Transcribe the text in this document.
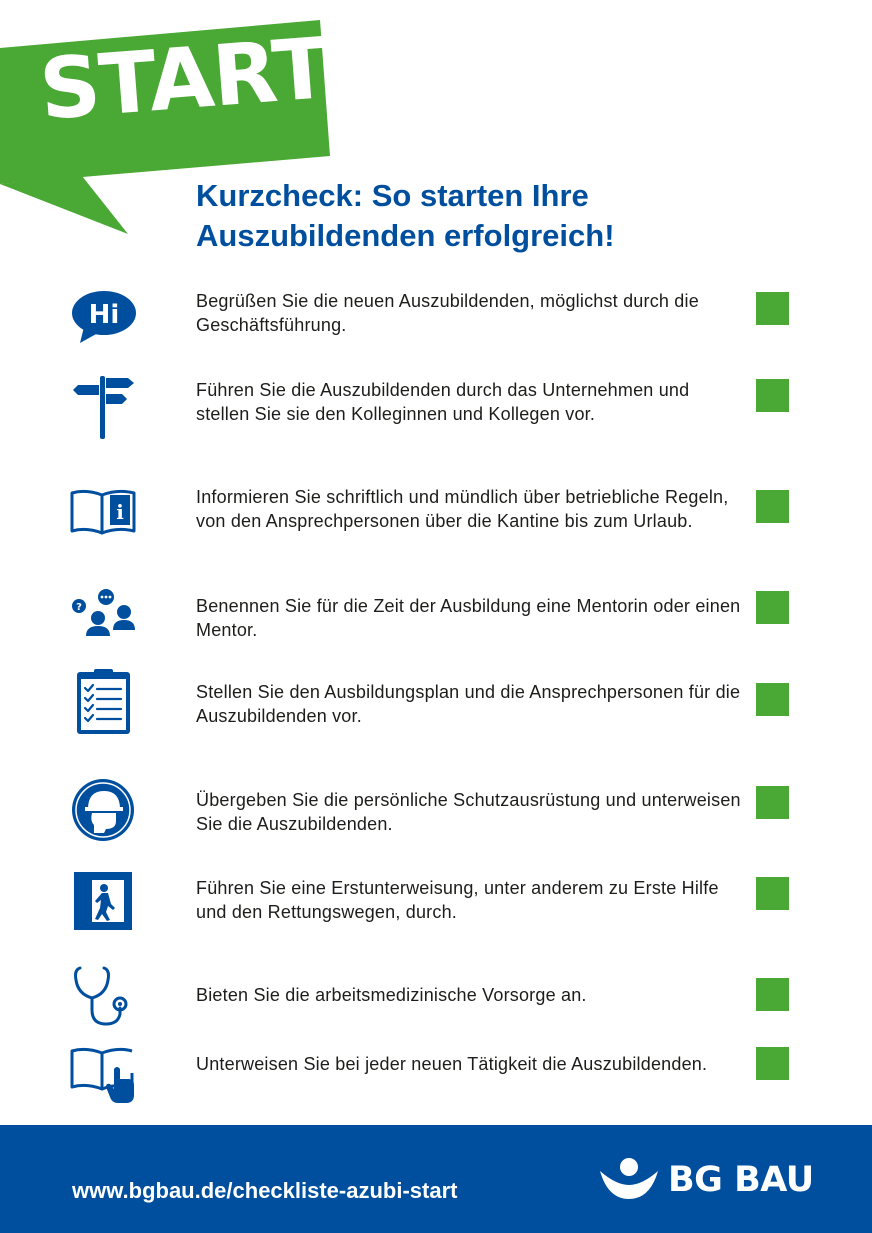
START
Kurzcheck: So starten Ihre
Auszubildenden erfolgreich!
Hi	Begrüßen Sie die neuen Auszubildenden, möglichst durch die Geschäftsführung.
Führen Sie die Auszubildenden durch das Unternehmen und stellen Sie sie den Kolleginnen und Kollegen vor.
i
Informieren Sie schriftlich und mündlich über betriebliche Regeln, von den Ansprechpersonen über die Kantine bis zum Urlaub.
?	Benennen Sie für die Zeit der Ausbildung eine Mentorin oder einen Mentor.
Stellen Sie den Ausbildungsplan und die Ansprechpersonen für die Auszubildenden vor.
Übergeben Sie die persönliche Schutzausrüstung und unterweisen Sie die Auszubildenden.
Führen Sie eine Erstunterweisung, unter anderem zu Erste Hilfe und den Rettungswegen, durch.
Bieten Sie die arbeitsmedizinische Vorsorge an.
Unterweisen Sie bei jeder neuen Tätigkeit die Auszubildenden.
www.bgbau.de/checkliste-azubi-start	BG BAU
